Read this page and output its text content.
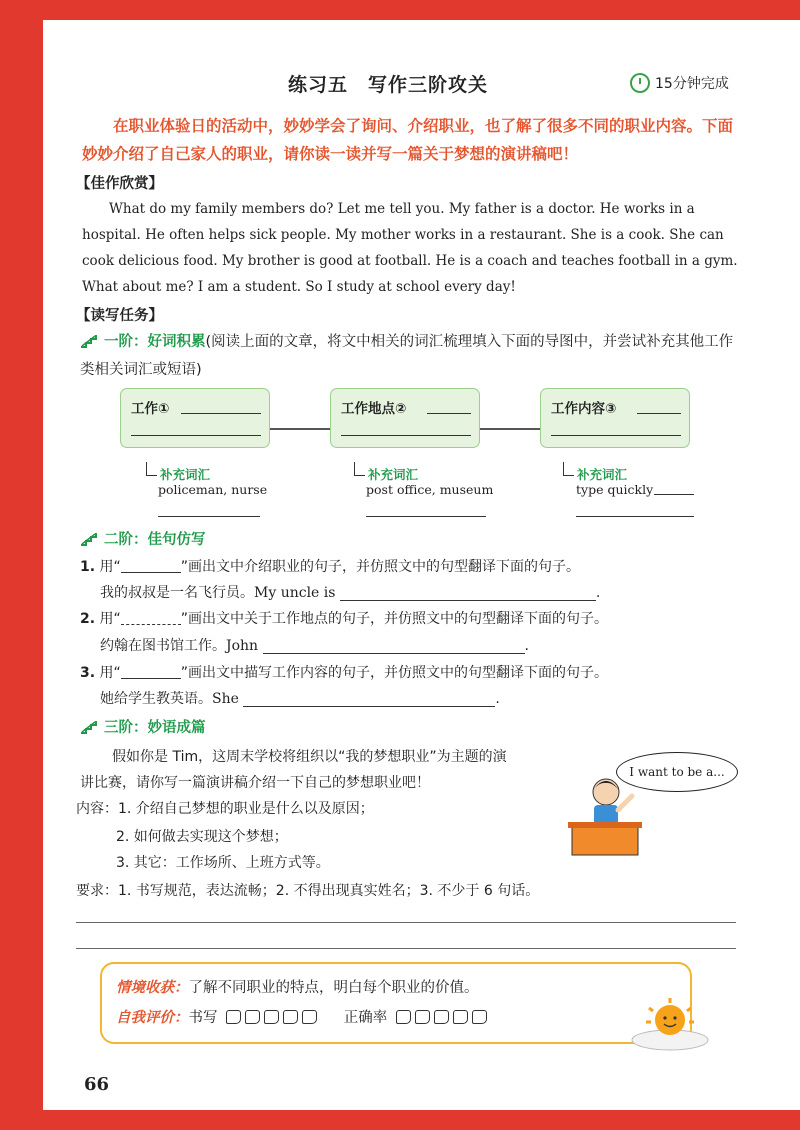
练习五　写作三阶攻关	15分钟完成
在职业体验日的活动中，妙妙学会了询问、介绍职业，也了解了很多不同的职业内容。下面妙妙介绍了自己家人的职业，请你读一读并写一篇关于梦想的演讲稿吧！
【佳作欣赏】
What do my family members do? Let me tell you. My father is a doctor. He works in a hospital. He often helps sick people. My mother works in a restaurant. She is a cook. She can cook delicious food. My brother is good at football. He is a coach and teaches football in a gym. What about me? I am a student. So I study at school every day!
【读写任务】
一阶：好词积累(阅读上面的文章，将文中相关的词汇梳理填入下面的导图中，并尝试补充其他工作类相关词汇或短语)
工作①	工作地点②	工作内容③
补充词汇
policeman, nurse
补充词汇
post office, museum
补充词汇
type quickly
二阶：佳句仿写
1. 用“	”画出文中介绍职业的句子，并仿照文中的句型翻译下面的句子。
我的叔叔是一名飞行员。My uncle is	.
2. 用“	”画出文中关于工作地点的句子，并仿照文中的句型翻译下面的句子。
约翰在图书馆工作。John	.
3. 用“	”画出文中描写工作内容的句子，并仿照文中的句型翻译下面的句子。
她给学生教英语。She	.
三阶：妙语成篇
假如你是 Tim，这周末学校将组织以“我的梦想职业”为主题的演
讲比赛，请你写一篇演讲稿介绍一下自己的梦想职业吧！
内容：1. 介绍自己梦想的职业是什么以及原因；
2. 如何做去实现这个梦想；
3. 其它：工作场所、上班方式等。
要求：1. 书写规范，表达流畅；2. 不得出现真实姓名；3. 不少于 6 句话。
I want to be a...
情境收获：了解不同职业的特点，明白每个职业的价值。
自我评价：书写	正确率
66
